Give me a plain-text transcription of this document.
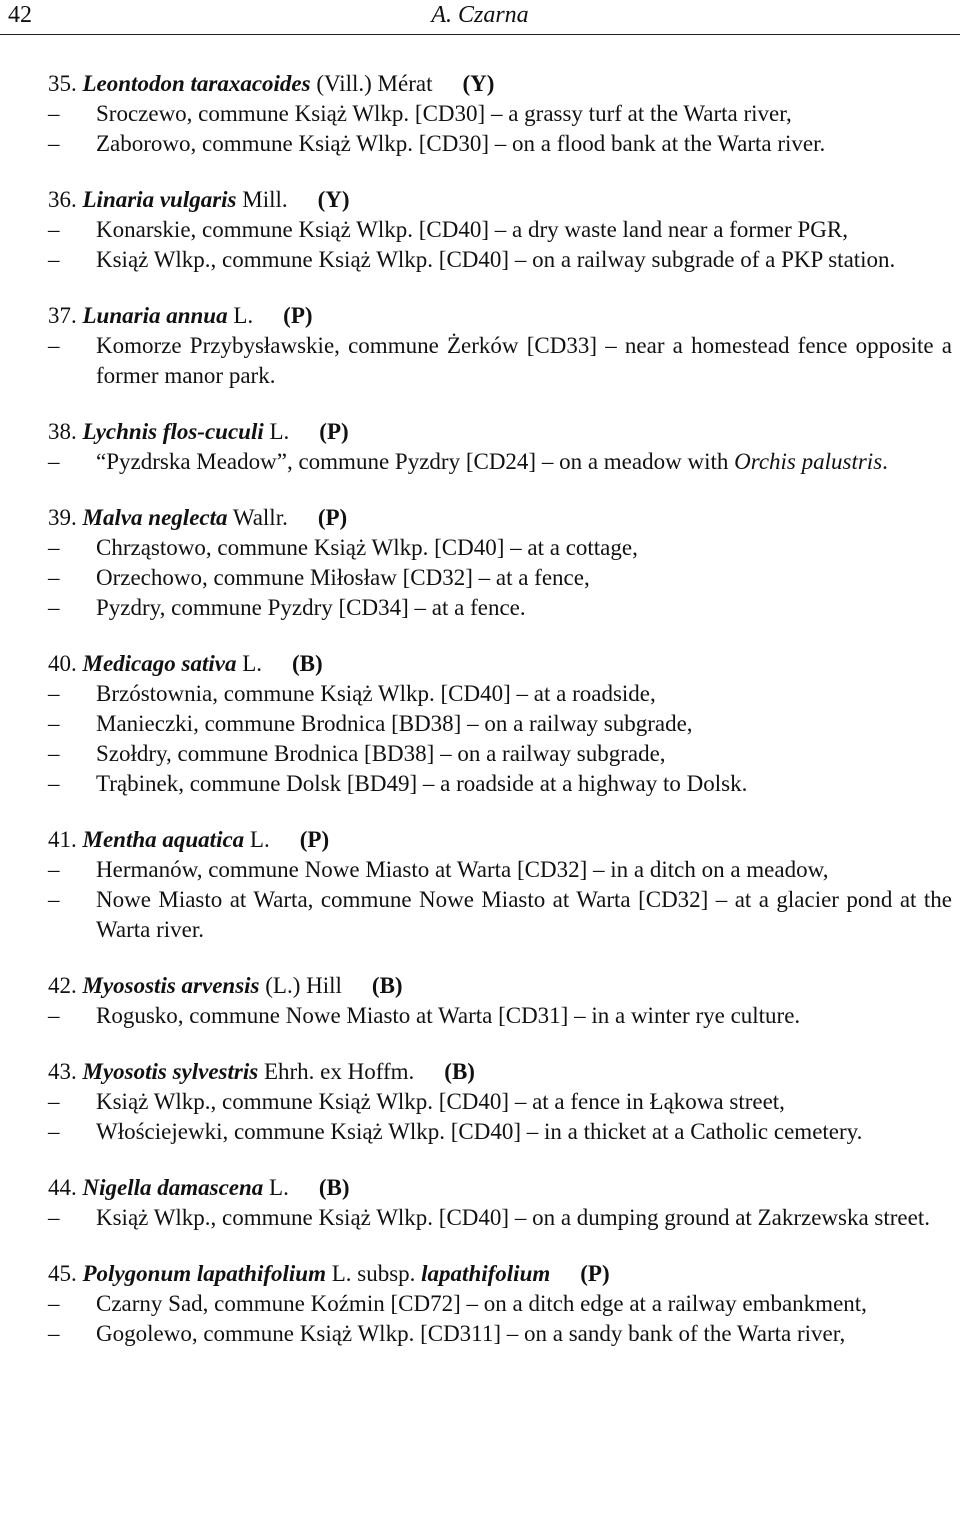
42	A. Czarna
35. Leontodon taraxacoides (Vill.) Mérat (Y)
–	Sroczewo, commune Książ Wlkp. [CD30] – a grassy turf at the Warta river,
–	Zaborowo, commune Książ Wlkp. [CD30] – on a flood bank at the Warta river.
36. Linaria vulgaris Mill. (Y)
–	Konarskie, commune Książ Wlkp. [CD40] – a dry waste land near a former PGR,
–	Książ Wlkp., commune Książ Wlkp. [CD40] – on a railway subgrade of a PKP station.
37. Lunaria annua L. (P)
–	Komorze Przybysławskie, commune Żerków [CD33] – near a homestead fence opposite a former manor park.
38. Lychnis flos-cuculi L. (P)
–	“Pyzdrska Meadow”, commune Pyzdry [CD24] – on a meadow with Orchis palustris.
39. Malva neglecta Wallr. (P)
–	Chrząstowo, commune Książ Wlkp. [CD40] – at a cottage,
–	Orzechowo, commune Miłosław [CD32] – at a fence,
–	Pyzdry, commune Pyzdry [CD34] – at a fence.
40. Medicago sativa L. (B)
–	Brzóstownia, commune Książ Wlkp. [CD40] – at a roadside,
–	Manieczki, commune Brodnica [BD38] – on a railway subgrade,
–	Szołdry, commune Brodnica [BD38] – on a railway subgrade,
–	Trąbinek, commune Dolsk [BD49] – a roadside at a highway to Dolsk.
41. Mentha aquatica L. (P)
–	Hermanów, commune Nowe Miasto at Warta [CD32] – in a ditch on a meadow,
–	Nowe Miasto at Warta, commune Nowe Miasto at Warta [CD32] – at a glacier pond at the Warta river.
42. Myosostis arvensis (L.) Hill (B)
–	Rogusko, commune Nowe Miasto at Warta [CD31] – in a winter rye culture.
43. Myosotis sylvestris Ehrh. ex Hoffm. (B)
–	Książ Wlkp., commune Książ Wlkp. [CD40] – at a fence in Łąkowa street,
–	Włościejewki, commune Książ Wlkp. [CD40] – in a thicket at a Catholic cemetery.
44. Nigella damascena L. (B)
–	Książ Wlkp., commune Książ Wlkp. [CD40] – on a dumping ground at Zakrzewska street.
45. Polygonum lapathifolium L. subsp. lapathifolium (P)
–	Czarny Sad, commune Koźmin [CD72] – on a ditch edge at a railway embankment,
–	Gogolewo, commune Książ Wlkp. [CD311] – on a sandy bank of the Warta river,
